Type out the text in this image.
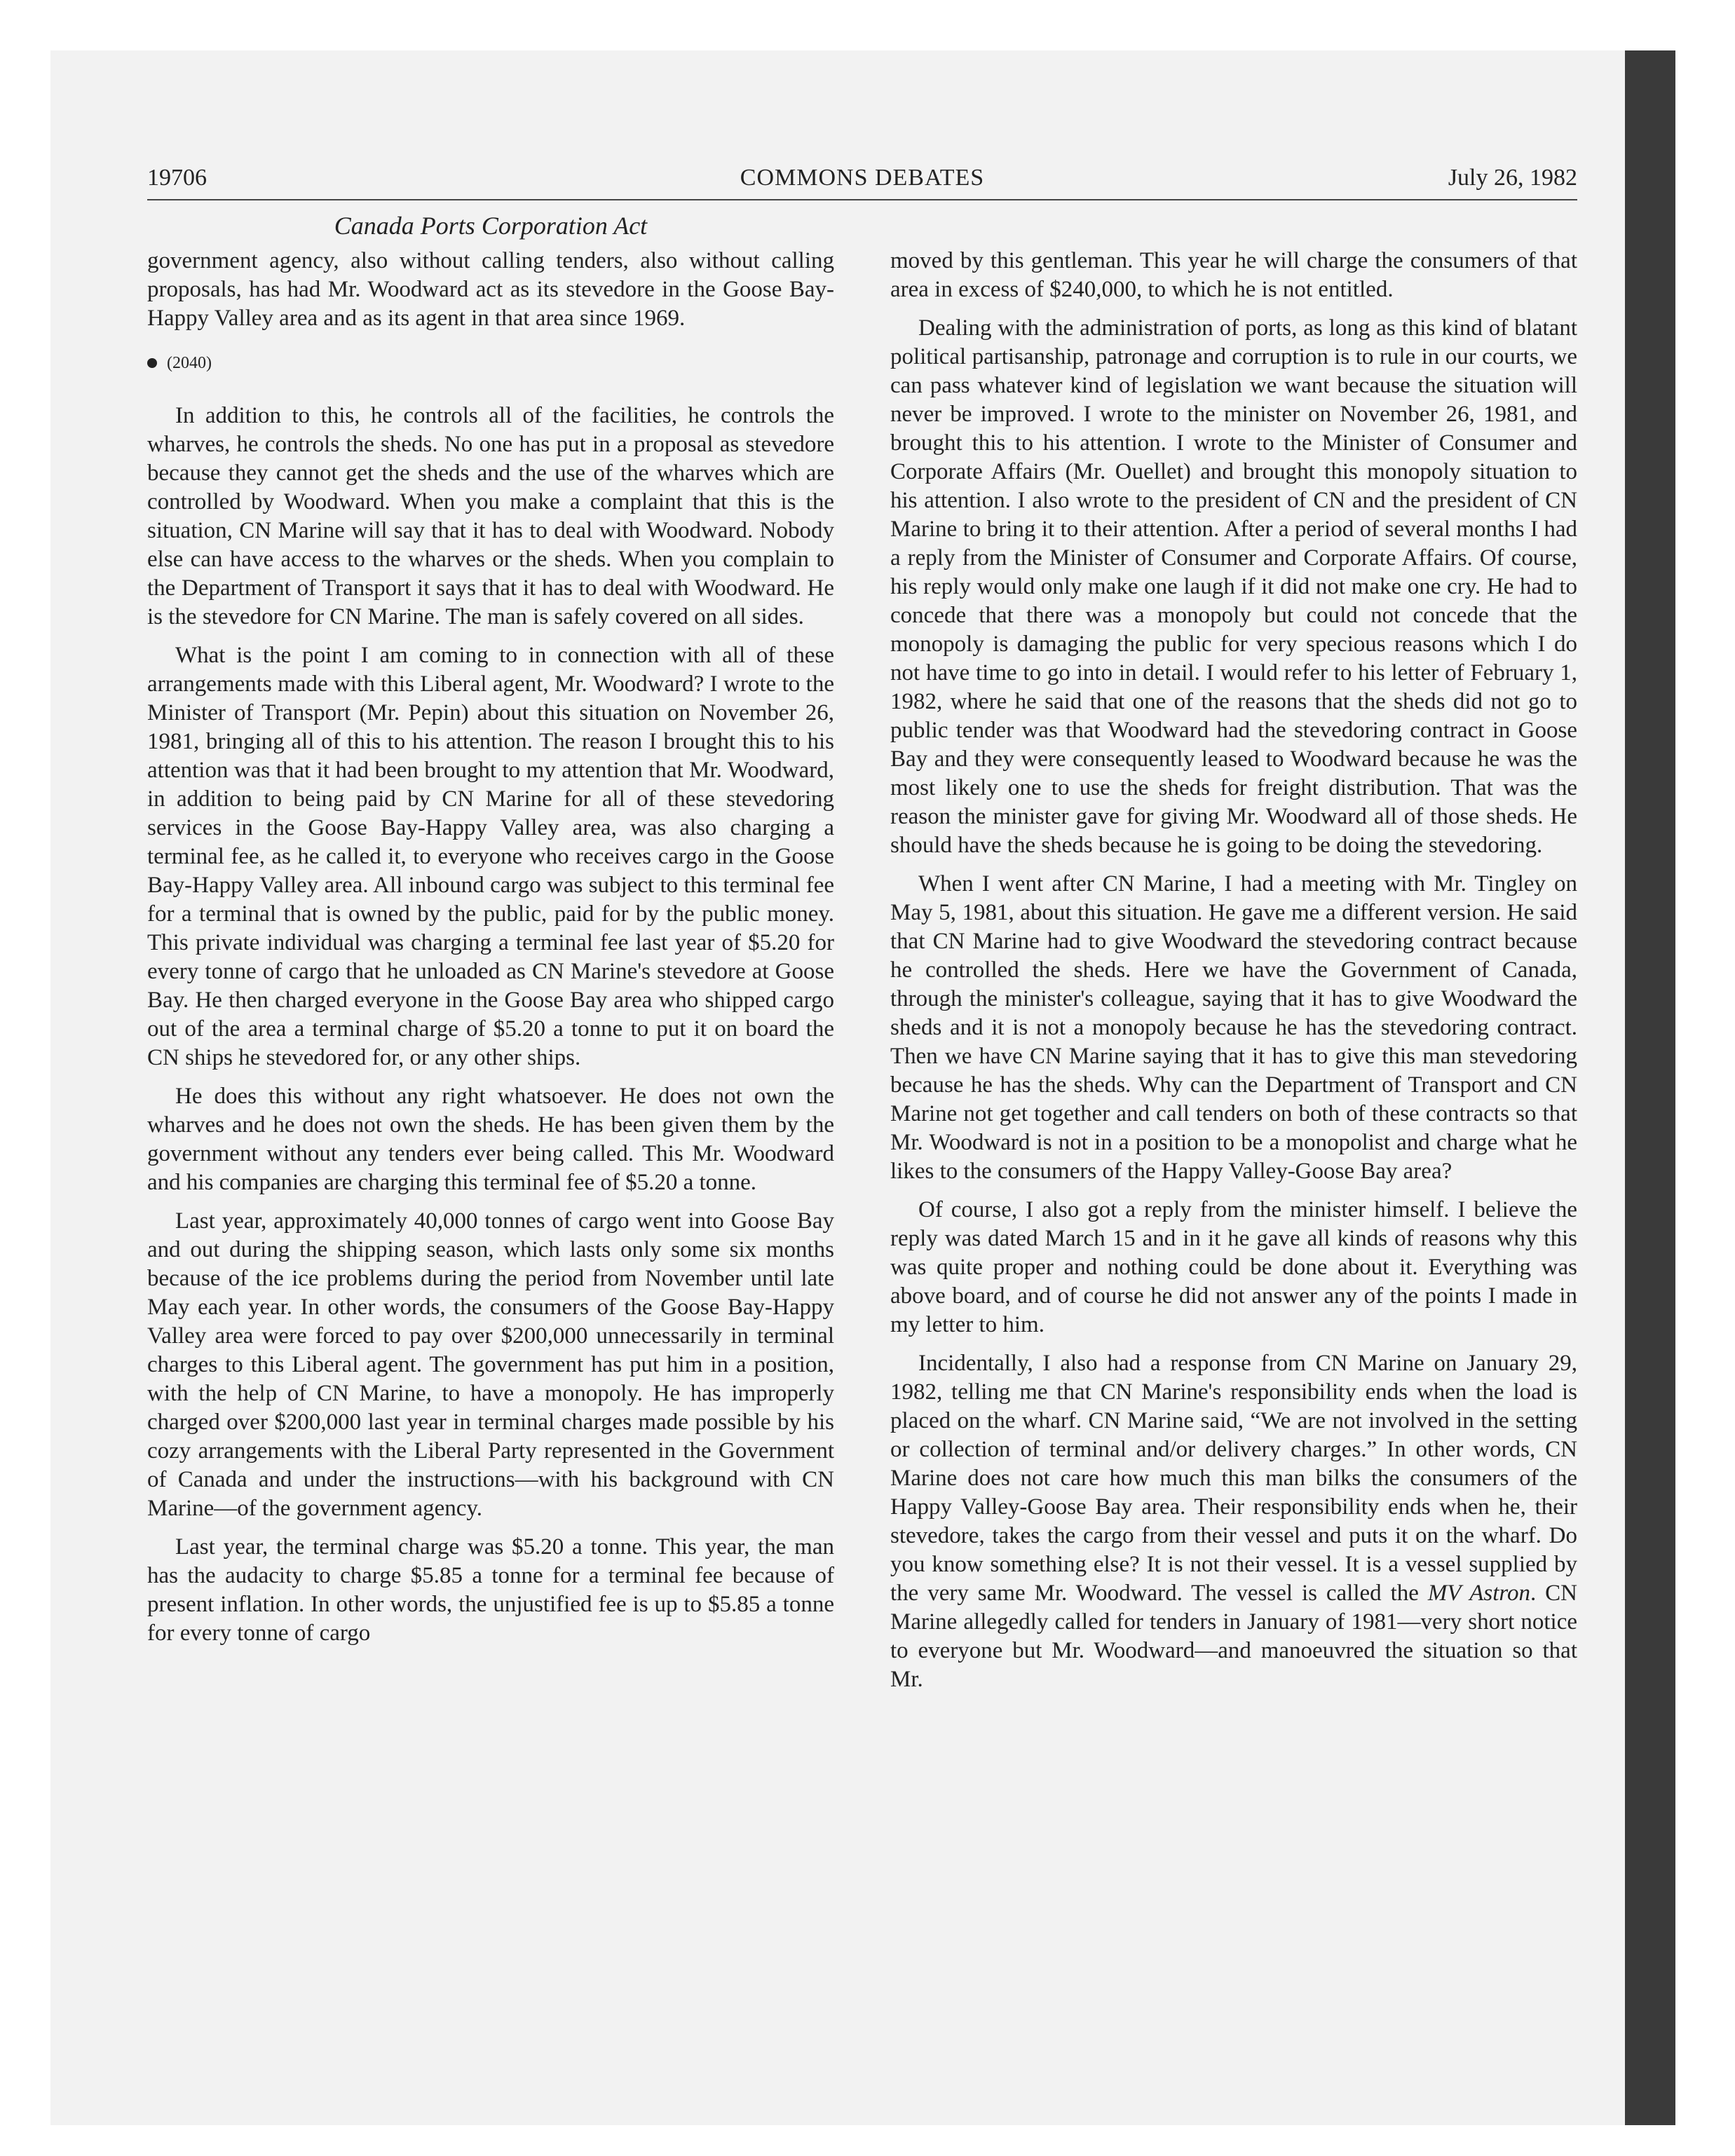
19706	COMMONS DEBATES	July 26, 1982
Canada Ports Corporation Act

government agency, also without calling tenders, also without calling proposals, has had Mr. Woodward act as its stevedore in the Goose Bay-Happy Valley area and as its agent in that area since 1969.

(2040)

In addition to this, he controls all of the facilities, he controls the wharves, he controls the sheds. No one has put in a proposal as stevedore because they cannot get the sheds and the use of the wharves which are controlled by Woodward. When you make a complaint that this is the situation, CN Marine will say that it has to deal with Woodward. Nobody else can have access to the wharves or the sheds. When you complain to the Department of Transport it says that it has to deal with Woodward. He is the stevedore for CN Marine. The man is safely covered on all sides.

What is the point I am coming to in connection with all of these arrangements made with this Liberal agent, Mr. Woodward? I wrote to the Minister of Transport (Mr. Pepin) about this situation on November 26, 1981, bringing all of this to his attention. The reason I brought this to his attention was that it had been brought to my attention that Mr. Woodward, in addition to being paid by CN Marine for all of these stevedoring services in the Goose Bay-Happy Valley area, was also charging a terminal fee, as he called it, to everyone who receives cargo in the Goose Bay-Happy Valley area. All inbound cargo was subject to this terminal fee for a terminal that is owned by the public, paid for by the public money. This private individual was charging a terminal fee last year of $5.20 for every tonne of cargo that he unloaded as CN Marine's stevedore at Goose Bay. He then charged everyone in the Goose Bay area who shipped cargo out of the area a terminal charge of $5.20 a tonne to put it on board the CN ships he stevedored for, or any other ships.

He does this without any right whatsoever. He does not own the wharves and he does not own the sheds. He has been given them by the government without any tenders ever being called. This Mr. Woodward and his companies are charging this terminal fee of $5.20 a tonne.

Last year, approximately 40,000 tonnes of cargo went into Goose Bay and out during the shipping season, which lasts only some six months because of the ice problems during the period from November until late May each year. In other words, the consumers of the Goose Bay-Happy Valley area were forced to pay over $200,000 unnecessarily in terminal charges to this Liberal agent. The government has put him in a position, with the help of CN Marine, to have a monopoly. He has improperly charged over $200,000 last year in terminal charges made possible by his cozy arrangements with the Liberal Party represented in the Government of Canada and under the instructions—with his background with CN Marine—of the government agency.

Last year, the terminal charge was $5.20 a tonne. This year, the man has the audacity to charge $5.85 a tonne for a terminal fee because of present inflation. In other words, the unjustified fee is up to $5.85 a tonne for every tonne of cargo

moved by this gentleman. This year he will charge the consumers of that area in excess of $240,000, to which he is not entitled.

Dealing with the administration of ports, as long as this kind of blatant political partisanship, patronage and corruption is to rule in our courts, we can pass whatever kind of legislation we want because the situation will never be improved. I wrote to the minister on November 26, 1981, and brought this to his attention. I wrote to the Minister of Consumer and Corporate Affairs (Mr. Ouellet) and brought this monopoly situation to his attention. I also wrote to the president of CN and the president of CN Marine to bring it to their attention. After a period of several months I had a reply from the Minister of Consumer and Corporate Affairs. Of course, his reply would only make one laugh if it did not make one cry. He had to concede that there was a monopoly but could not concede that the monopoly is damaging the public for very specious reasons which I do not have time to go into in detail. I would refer to his letter of February 1, 1982, where he said that one of the reasons that the sheds did not go to public tender was that Woodward had the stevedoring contract in Goose Bay and they were consequently leased to Woodward because he was the most likely one to use the sheds for freight distribution. That was the reason the minister gave for giving Mr. Woodward all of those sheds. He should have the sheds because he is going to be doing the stevedoring.

When I went after CN Marine, I had a meeting with Mr. Tingley on May 5, 1981, about this situation. He gave me a different version. He said that CN Marine had to give Woodward the stevedoring contract because he controlled the sheds. Here we have the Government of Canada, through the minister's colleague, saying that it has to give Woodward the sheds and it is not a monopoly because he has the stevedoring contract. Then we have CN Marine saying that it has to give this man stevedoring because he has the sheds. Why can the Department of Transport and CN Marine not get together and call tenders on both of these contracts so that Mr. Woodward is not in a position to be a monopolist and charge what he likes to the consumers of the Happy Valley-Goose Bay area?

Of course, I also got a reply from the minister himself. I believe the reply was dated March 15 and in it he gave all kinds of reasons why this was quite proper and nothing could be done about it. Everything was above board, and of course he did not answer any of the points I made in my letter to him.

Incidentally, I also had a response from CN Marine on January 29, 1982, telling me that CN Marine's responsibility ends when the load is placed on the wharf. CN Marine said, “We are not involved in the setting or collection of terminal and/or delivery charges.” In other words, CN Marine does not care how much this man bilks the consumers of the Happy Valley-Goose Bay area. Their responsibility ends when he, their stevedore, takes the cargo from their vessel and puts it on the wharf. Do you know something else? It is not their vessel. It is a vessel supplied by the very same Mr. Woodward. The vessel is called the MV Astron. CN Marine allegedly called for tenders in January of 1981—very short notice to everyone but Mr. Woodward—and manoeuvred the situation so that Mr.
